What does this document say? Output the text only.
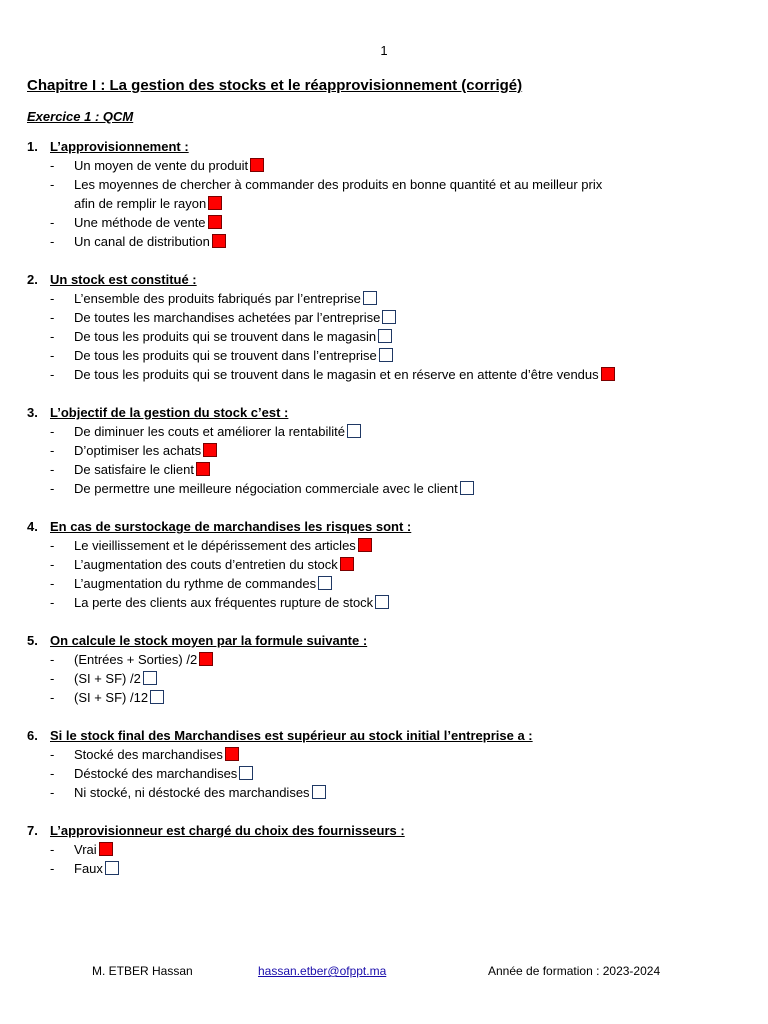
1
Chapitre I : La gestion des stocks et le réapprovisionnement (corrigé)
Exercice 1 : QCM
1. L’approvisionnement :
- Un moyen de vente du produit
- Les moyennes de chercher à commander des produits en bonne quantité et au meilleur prix
afin de remplir le rayon
- Une méthode de vente
- Un canal de distribution
2. Un stock est constitué :
- L’ensemble des produits fabriqués par l’entreprise
- De toutes les marchandises achetées par l’entreprise
- De tous les produits qui se trouvent dans le magasin
- De tous les produits qui se trouvent dans l’entreprise
- De tous les produits qui se trouvent dans le magasin et en réserve en attente d’être vendus
3. L’objectif de la gestion du stock c’est :
- De diminuer les couts et améliorer la rentabilité
- D’optimiser les achats
- De satisfaire le client
- De permettre une meilleure négociation commerciale avec le client
4. En cas de surstockage de marchandises les risques sont :
- Le vieillissement et le dépérissement des articles
- L’augmentation des couts d’entretien du stock
- L’augmentation du rythme de commandes
- La perte des clients aux fréquentes rupture de stock
5. On calcule le stock moyen par la formule suivante :
- (Entrées + Sorties) /2
- (SI + SF) /2
- (SI + SF) /12
6. Si le stock final des Marchandises est supérieur au stock initial l’entreprise a :
- Stocké des marchandises
- Déstocké des marchandises
- Ni stocké, ni déstocké des marchandises
7. L’approvisionneur est chargé du choix des fournisseurs :
- Vrai
- Faux
M. ETBER Hassan	hassan.etber@ofppt.ma	Année de formation : 2023-2024
